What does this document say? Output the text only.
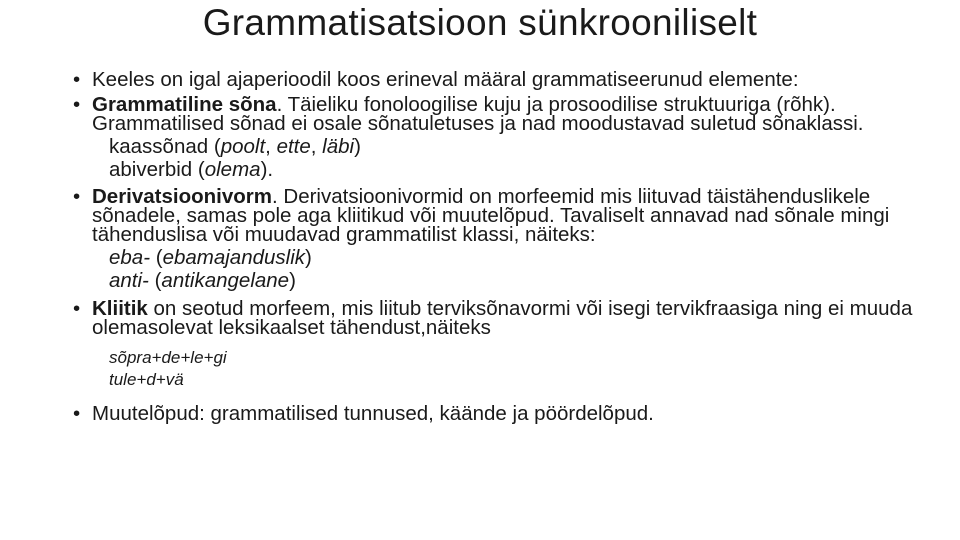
Grammatisatsioon sünkrooniliselt
• Keeles on igal ajaperioodil koos erineval määral grammatiseerunud elemente:
• Grammatiline sõna. Täieliku fonoloogilise kuju ja prosoodilise struktuuriga (rõhk). Grammatilised sõnad ei osale sõnatuletuses ja nad moodustavad suletud sõnaklassi.
kaassõnad (poolt, ette, läbi)
abiverbid (olema).
• Derivatsioonivorm. Derivatsioonivormid on morfeemid mis liituvad täistähenduslikele sõnadele, samas pole aga kliitikud või muutelõpud. Tavaliselt annavad nad sõnale mingi tähenduslisa või muudavad grammatilist klassi, näiteks:
eba- (ebamajanduslik)
anti- (antikangelane)
• Kliitik on seotud morfeem, mis liitub terviksõnavormi või isegi tervikfraasiga ning ei muuda olemasolevat leksikaalset tähendust,näiteks
sõpra+de+le+gi
tule+d+vä
• Muutelõpud: grammatilised tunnused, käände ja pöördelõpud.
